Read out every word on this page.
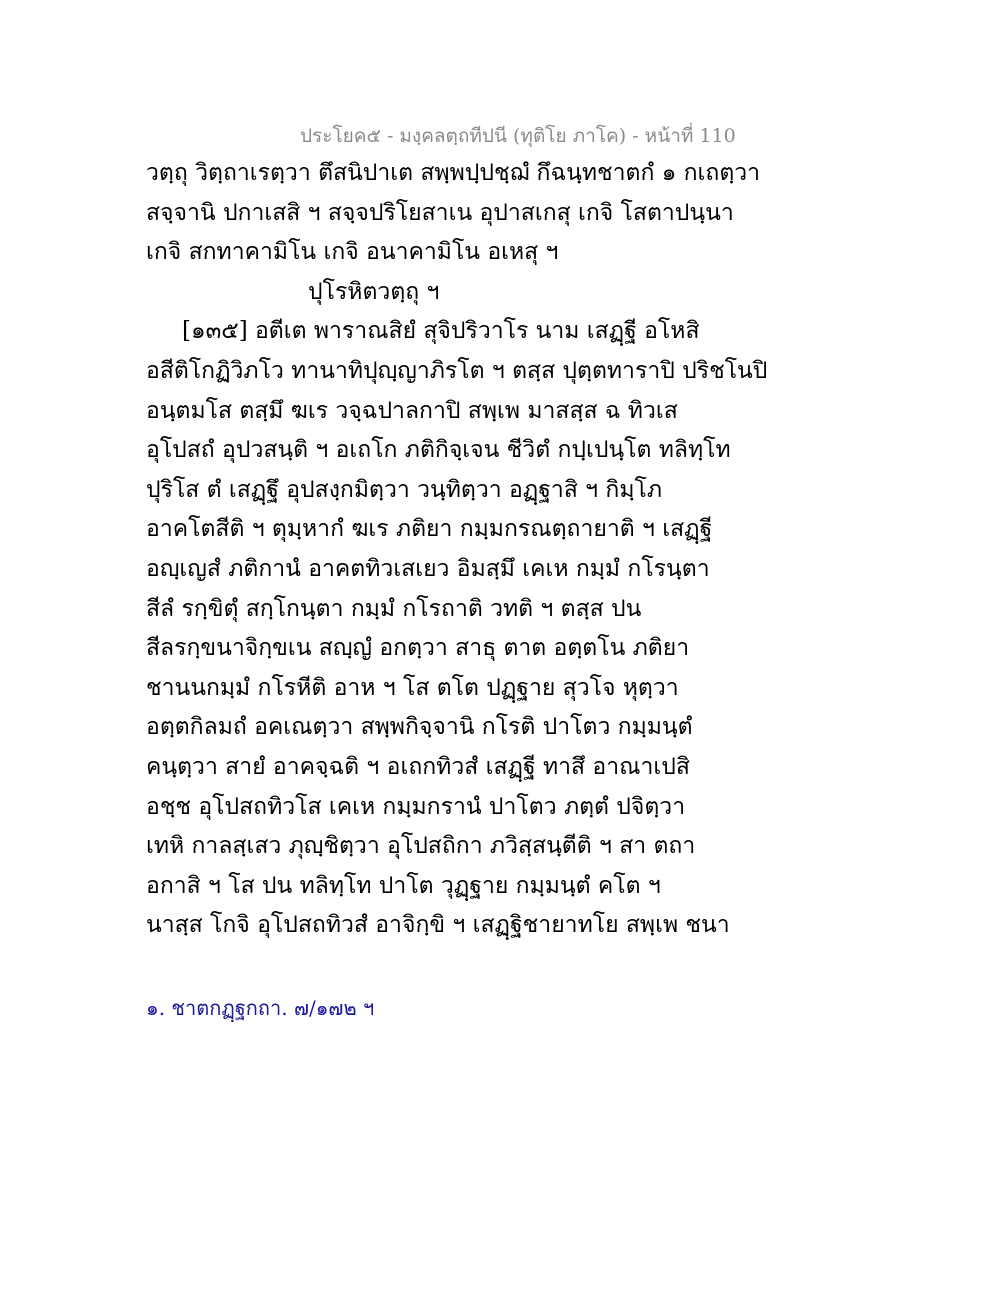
ประโยค๕ - มงฺคลตฺถทีปนี (ทุติโย ภาโค) - หน้าที่ 110
วตฺถุ วิตฺถาเรตฺวา ตึสนิปาเต สพฺพปฺปชฺฌํ กึฉนฺทชาตกํ ๑ กเถตฺวา
สจฺจานิ ปกาเสสิ ฯ สจฺจปริโยสาเน อุปาสเกสุ เกจิ โสตาปนฺนา
เกจิ สกทาคามิโน เกจิ อนาคามิโน อเหสุ ฯ
ปุโรหิตวตฺถุ ฯ
[๑๓๕] อตีเต พาราณสิยํ สุจิปริวาโร นาม เสฏฺฐี อโหสิ
อสีติโกฏิวิภโว ทานาทิปุญฺญาภิรโต ฯ ตสฺส ปุตฺตทาราปิ ปริชโนปิ
อนฺตมโส ตสฺมึ ฆเร วจฺฉปาลกาปิ สพฺเพ มาสสฺส ฉ ทิวเส
อุโปสถํ อุปวสนฺติ ฯ อเถโก ภติกิจฺเจน ชีวิตํ กปฺเปนฺโต ทลิทฺโท
ปุริโส ตํ เสฏฺฐึ อุปสงฺกมิตฺวา วนฺทิตฺวา อฏฺฐาสิ ฯ กิมฺโภ
อาคโตสีติ ฯ ตุมฺหากํ ฆเร ภติยา กมฺมกรณตฺถายาติ ฯ เสฏฺฐี
อญฺเญสํ ภติกานํ อาคตทิวเสเยว อิมสฺมึ เคเห กมฺมํ กโรนฺตา
สีลํ รกฺขิตุํ สกฺโกนฺตา กมฺมํ กโรถาติ วทติ ฯ ตสฺส ปน
สีลรกฺขนาจิกฺขเน สญฺญํ อกตฺวา สาธุ ตาต อตฺตโน ภติยา
ชานนกมฺมํ กโรหีติ อาห ฯ โส ตโต ปฏฺฐาย สุวโจ หุตฺวา
อตฺตกิลมถํ อคเณตฺวา สพฺพกิจฺจานิ กโรติ ปาโตว กมฺมนฺตํ
คนฺตฺวา สายํ อาคจฺฉติ ฯ อเถกทิวสํ เสฏฺฐี ทาสึ อาณาเปสิ
อชฺช อุโปสถทิวโส เคเห กมฺมกรานํ ปาโตว ภตฺตํ ปจิตฺวา
เทหิ กาลสฺเสว ภุญฺชิตฺวา อุโปสถิกา ภวิสฺสนฺตีติ ฯ สา ตถา
อกาสิ ฯ โส ปน ทลิทฺโท ปาโต วุฏฺฐาย กมฺมนฺตํ คโต ฯ
นาสฺส โกจิ อุโปสถทิวสํ อาจิกฺขิ ฯ เสฏฺฐิชายาทโย สพฺเพ ชนา
๑. ชาตกฏฺฐกถา. ๗/๑๗๒ ฯ
